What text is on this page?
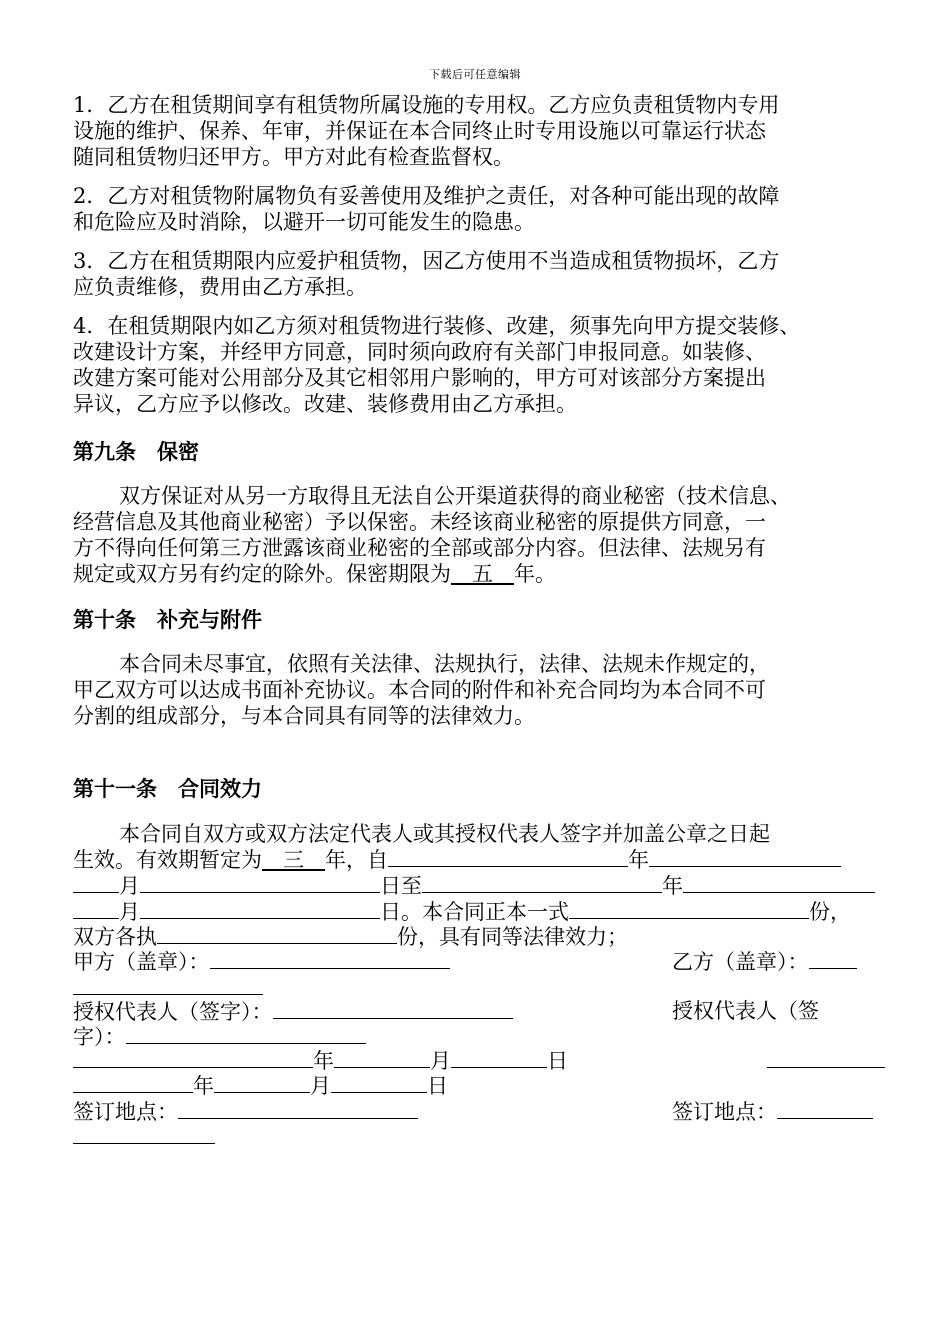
下载后可任意编辑
1．乙方在租赁期间享有租赁物所属设施的专用权。乙方应负责租赁物内专用
设施的维护、保养、年审，并保证在本合同终止时专用设施以可靠运行状态
随同租赁物归还甲方。甲方对此有检查监督权。
2．乙方对租赁物附属物负有妥善使用及维护之责任，对各种可能出现的故障
和危险应及时消除，以避开一切可能发生的隐患。
3．乙方在租赁期限内应爱护租赁物，因乙方使用不当造成租赁物损坏，乙方
应负责维修，费用由乙方承担。
4．在租赁期限内如乙方须对租赁物进行装修、改建，须事先向甲方提交装修、
改建设计方案，并经甲方同意，同时须向政府有关部门申报同意。如装修、
改建方案可能对公用部分及其它相邻用户影响的，甲方可对该部分方案提出
异议，乙方应予以修改。改建、装修费用由乙方承担。
第九条　保密
双方保证对从另一方取得且无法自公开渠道获得的商业秘密（技术信息、
经营信息及其他商业秘密）予以保密。未经该商业秘密的原提供方同意，一
方不得向任何第三方泄露该商业秘密的全部或部分内容。但法律、法规另有
规定或双方另有约定的除外。保密期限为　 五　 年。
第十条　补充与附件
本合同未尽事宜，依照有关法律、法规执行，法律、法规未作规定的，
甲乙双方可以达成书面补充协议。本合同的附件和补充合同均为本合同不可
分割的组成部分，与本合同具有同等的法律效力。
第十一条　合同效力
本合同自双方或双方法定代表人或其授权代表人签字并加盖公章之日起
生效。有效期暂定为　 三　 年，自	年
月	日至	年
月	日。本合同正本一式	份，
双方各执	份，具有同等法律效力；
甲方（盖章）：	乙方（盖章）：
授权代表人（签字）：	授权代表人（签
字）：
年	月	日
年	月	日
签订地点：	签订地点：
